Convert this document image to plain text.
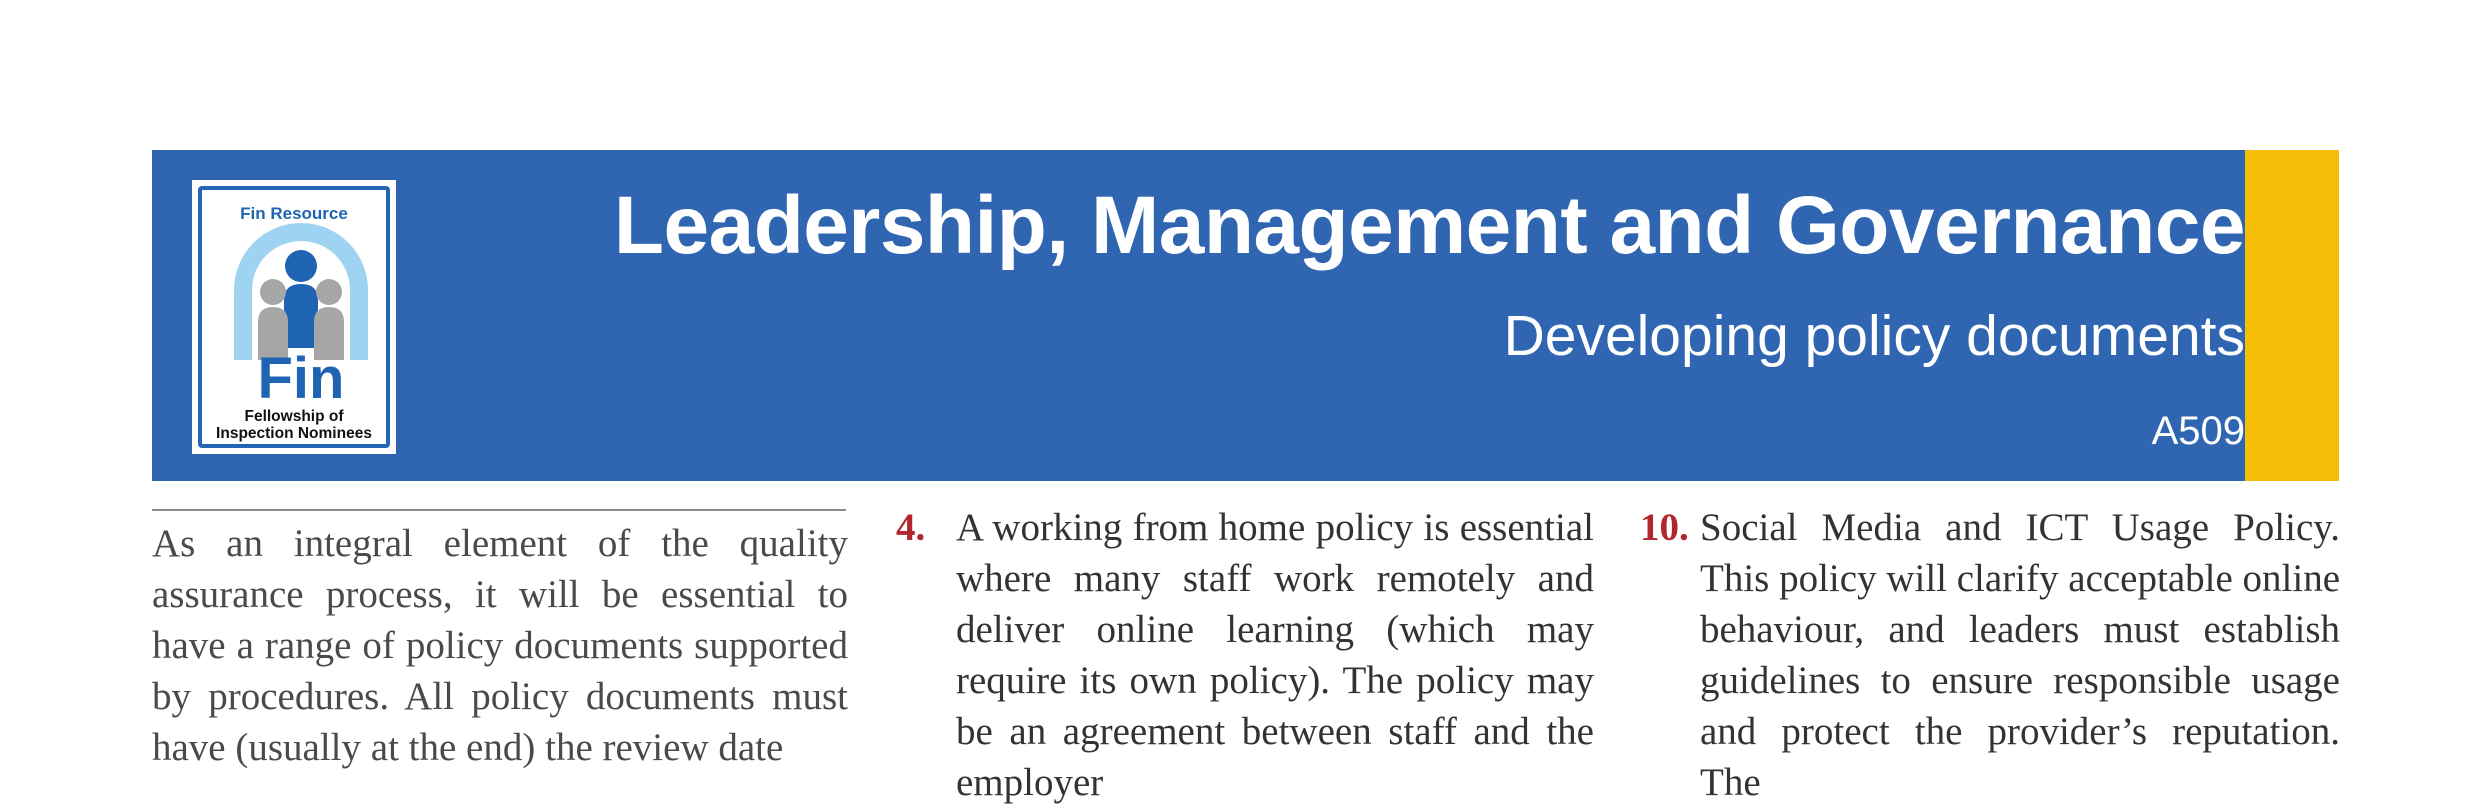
Fin Resource
Fin
Fellowship of
Inspection Nominees
Leadership, Management and Governance
Developing policy documents
A509
As an integral element of the quality assurance process, it will be essential to have a range of policy documents supported by procedures. All policy documents must have (usually at the end) the review date
4. A working from home policy is essential where many staff work remotely and deliver online learning (which may require its own policy). The policy may be an agreement between staff and the employer
10. Social Media and ICT Usage Policy. This policy will clarify acceptable online behaviour, and leaders must establish guidelines to ensure responsible usage and protect the provider’s reputation. The
